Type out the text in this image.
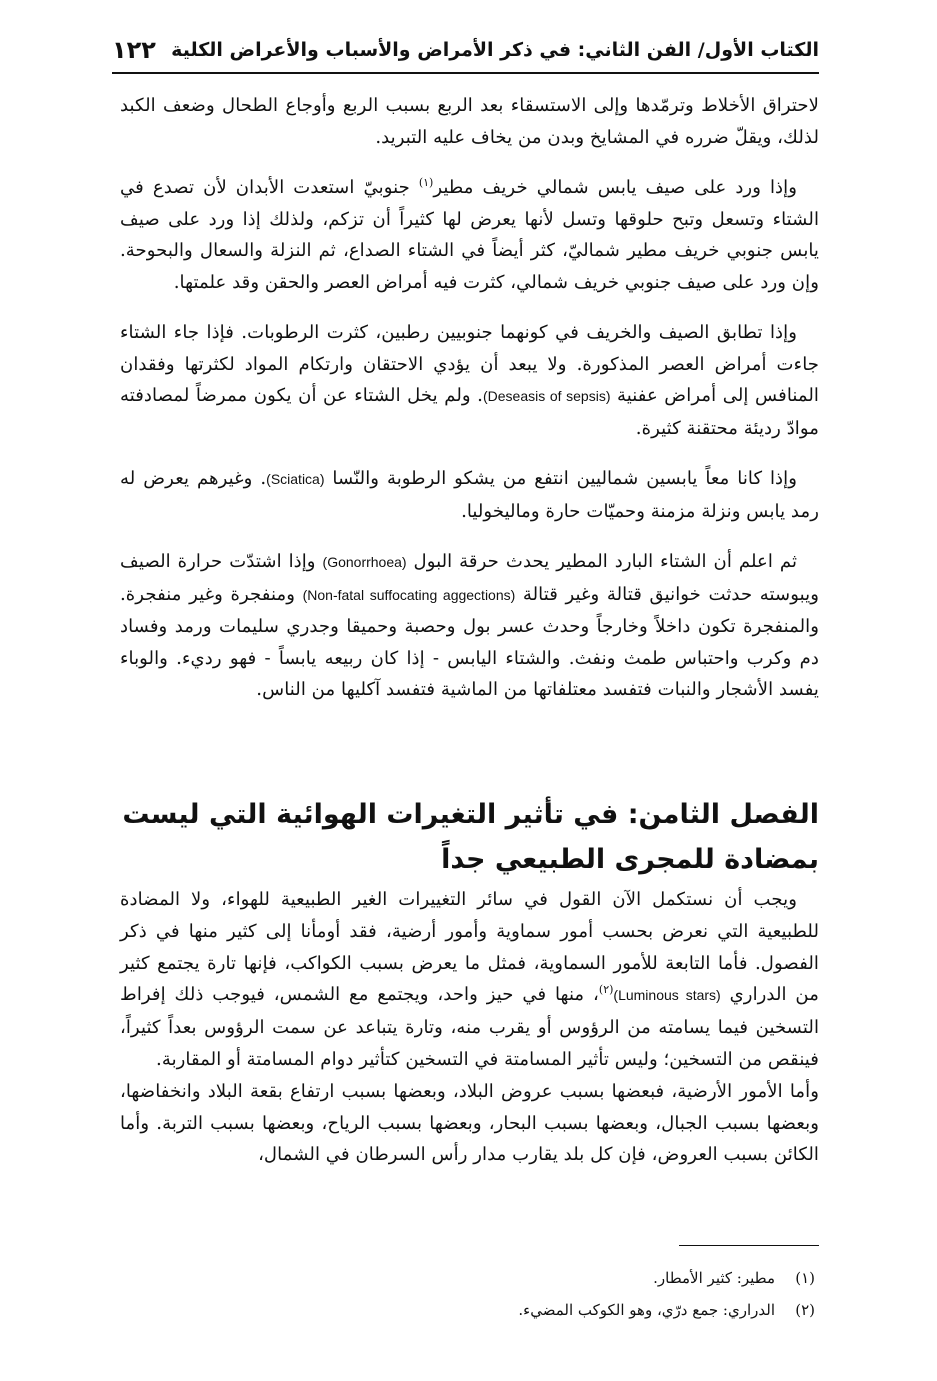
الكتاب الأول/ الفن الثاني: في ذكر الأمراض والأسباب والأعراض الكلية
١٢٢

لاحتراق الأخلاط وترمّدها وإلى الاستسقاء بعد الربع بسبب الربع وأوجاع الطحال وضعف الكبد لذلك، ويقلّ ضرره في المشايخ وبدن من يخاف عليه التبريد.

وإذا ورد على صيف يابس شمالي خريف مطير$^{(١)}$ جنوبيّ استعدت الأبدان لأن تصدع في الشتاء وتسعل وتبح حلوقها وتسل لأنها يعرض لها كثيراً أن تزكم، ولذلك إذا ورد على صيف يابس جنوبي خريف مطير شماليّ، كثر أيضاً في الشتاء الصداع، ثم النزلة والسعال والبحوحة. وإن ورد على صيف جنوبي خريف شمالي، كثرت فيه أمراض العصر والحقن وقد علمتها.

وإذا تطابق الصيف والخريف في كونهما جنوبيين رطبين، كثرت الرطوبات. فإذا جاء الشتاء جاءت أمراض العصر المذكورة. ولا يبعد أن يؤدي الاحتقان وارتكام المواد لكثرتها وفقدان المنافس إلى أمراض عفنية (Deseasis of sepsis). ولم يخل الشتاء عن أن يكون ممرضاً لمصادفته موادّ رديئة محتقنة كثيرة.

وإذا كانا معاً يابسين شماليين انتفع من يشكو الرطوبة والنّسا (Sciatica). وغيرهم يعرض له رمد يابس ونزلة مزمنة وحميّات حارة ومالیخوليا.

ثم اعلم أن الشتاء البارد المطير يحدث حرقة البول (Gonorrhoea) وإذا اشتدّت حرارة الصيف ويبوسته حدثت خوانيق قتالة وغير قتالة (Non-fatal suffocating aggections) ومنفجرة وغير منفجرة. والمنفجرة تكون داخلاً وخارجاً وحدث عسر بول وحصبة وحميقا وجدري سليمات ورمد وفساد دم وكرب واحتباس طمث ونفث. والشتاء اليابس - إذا كان ربيعه يابساً - فهو رديء. والوباء يفسد الأشجار والنبات فتفسد معتلفاتها من الماشية فتفسد آكليها من الناس.

الفصل الثامن: في تأثير التغيرات الهوائية التي ليست بمضادة للمجرى الطبيعي جداً

ويجب أن نستكمل الآن القول في سائر التغييرات الغير الطبيعية للهواء، ولا المضادة للطبيعية التي نعرض بحسب أمور سماوية وأمور أرضية، فقد أومأنا إلى كثير منها في ذكر الفصول. فأما التابعة للأمور السماوية، فمثل ما يعرض بسبب الكواكب، فإنها تارة يجتمع كثير من الدراري (Luminous stars)$^{(٢)}$، منها في حيز واحد، ويجتمع مع الشمس، فيوجب ذلك إفراط التسخين فيما يسامته من الرؤوس أو يقرب منه، وتارة يتباعد عن سمت الرؤوس بعداً كثيراً، فينقص من التسخين؛ وليس تأثير المسامتة في التسخين كتأثير دوام المسامتة أو المقاربة.

وأما الأمور الأرضية، فبعضها بسبب عروض البلاد، وبعضها بسبب ارتفاع بقعة البلاد وانخفاضها، وبعضها بسبب الجبال، وبعضها بسبب البحار، وبعضها بسبب الرياح، وبعضها بسبب التربة. وأما الكائن بسبب العروض، فإن كل بلد يقارب مدار رأس السرطان في الشمال،

(١)
مطير: كثير الأمطار.
(٢)
الدراري: جمع درّي، وهو الكوكب المضيء.
